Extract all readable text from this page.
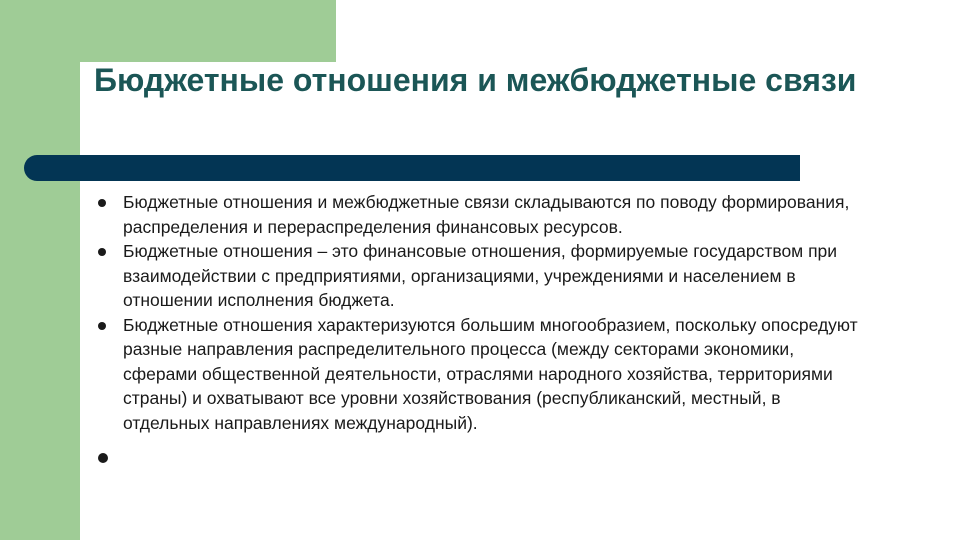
Бюджетные отношения и межбюджетные связи
Бюджетные отношения и межбюджетные связи складываются по поводу формирования, распределения и перераспределения финансовых ресурсов.
Бюджетные отношения – это финансовые отношения, формируемые государством при взаимодействии с предприятиями, организациями, учреждениями и населением в отношении исполнения бюджета.
Бюджетные отношения характеризуются большим многообразием, поскольку опосредуют разные направления распределительного процесса (между секторами экономики, сферами общественной деятельности, отраслями народного хозяйства, территориями страны) и охватывают все уровни хозяйствования (республиканский, местный, в отдельных направлениях международный).
